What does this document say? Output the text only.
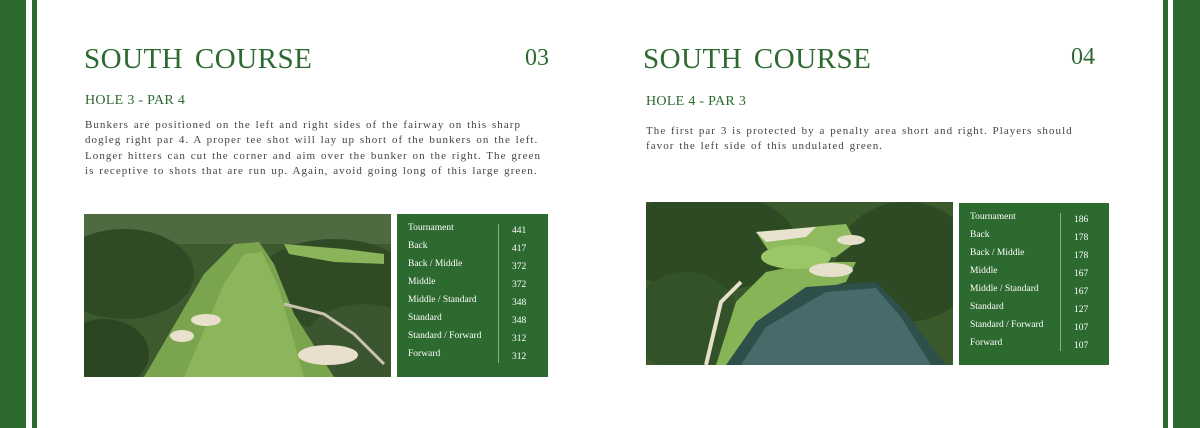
SOUTH COURSE	03
HOLE 3 - PAR 4

Bunkers are positioned on the left and right sides of the fairway on this sharp dogleg right par 4. A proper tee shot will lay up short of the bunkers on the left. Longer hitters can cut the corner and aim over the bunker on the right. The green is receptive to shots that are run up. Again, avoid going long of this large green.

Tournament	441
Back	417
Back / Middle	372
Middle	372
Middle / Standard	348
Standard	348
Standard / Forward	312
Forward	312
SOUTH COURSE	04
HOLE 4 - PAR 3

The first par 3 is protected by a penalty area short and right. Players should favor the left side of this undulated green.

Tournament	186
Back	178
Back / Middle	178
Middle	167
Middle / Standard	167
Standard	127
Standard / Forward	107
Forward	107
